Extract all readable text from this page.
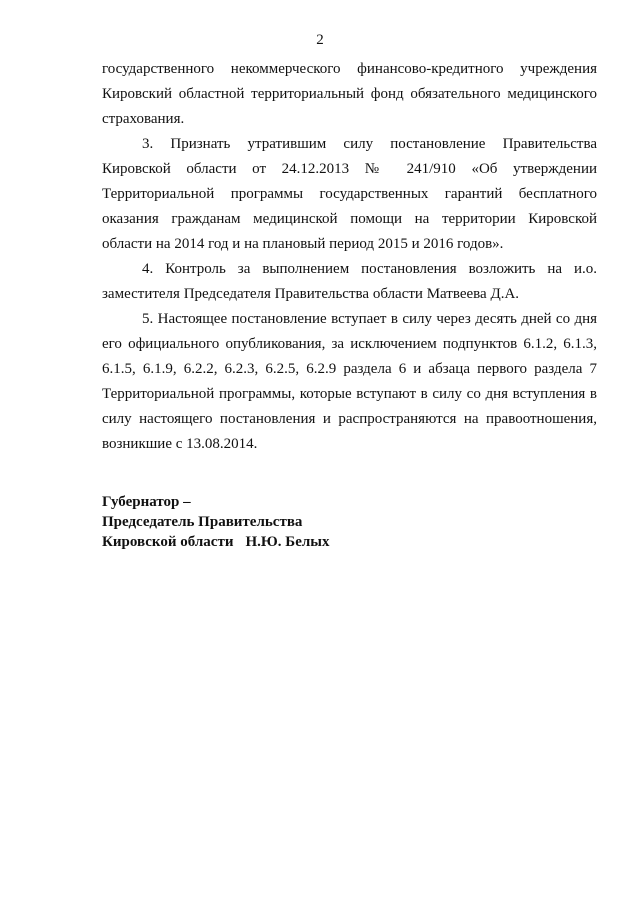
2

государственного некоммерческого финансово-кредитного учреждения Кировский областной территориальный фонд обязательного медицинского страхования.

3. Признать утратившим силу постановление Правительства Кировской области от 24.12.2013 № 241/910 «Об утверждении Территориальной программы государственных гарантий бесплатного оказания гражданам медицинской помощи на территории Кировской области на 2014 год и на плановый период 2015 и 2016 годов».

4. Контроль за выполнением постановления возложить на и.о. заместителя Председателя Правительства области Матвеева Д.А.

5. Настоящее постановление вступает в силу через десять дней со дня его официального опубликования, за исключением подпунктов 6.1.2, 6.1.3, 6.1.5, 6.1.9, 6.2.2, 6.2.3, 6.2.5, 6.2.9 раздела 6 и абзаца первого раздела 7 Территориальной программы, которые вступают в силу со дня вступления в силу настоящего постановления и распространяются на правоотношения, возникшие с 13.08.2014.

Губернатор –
Председатель Правительства
Кировской области Н.Ю. Белых
